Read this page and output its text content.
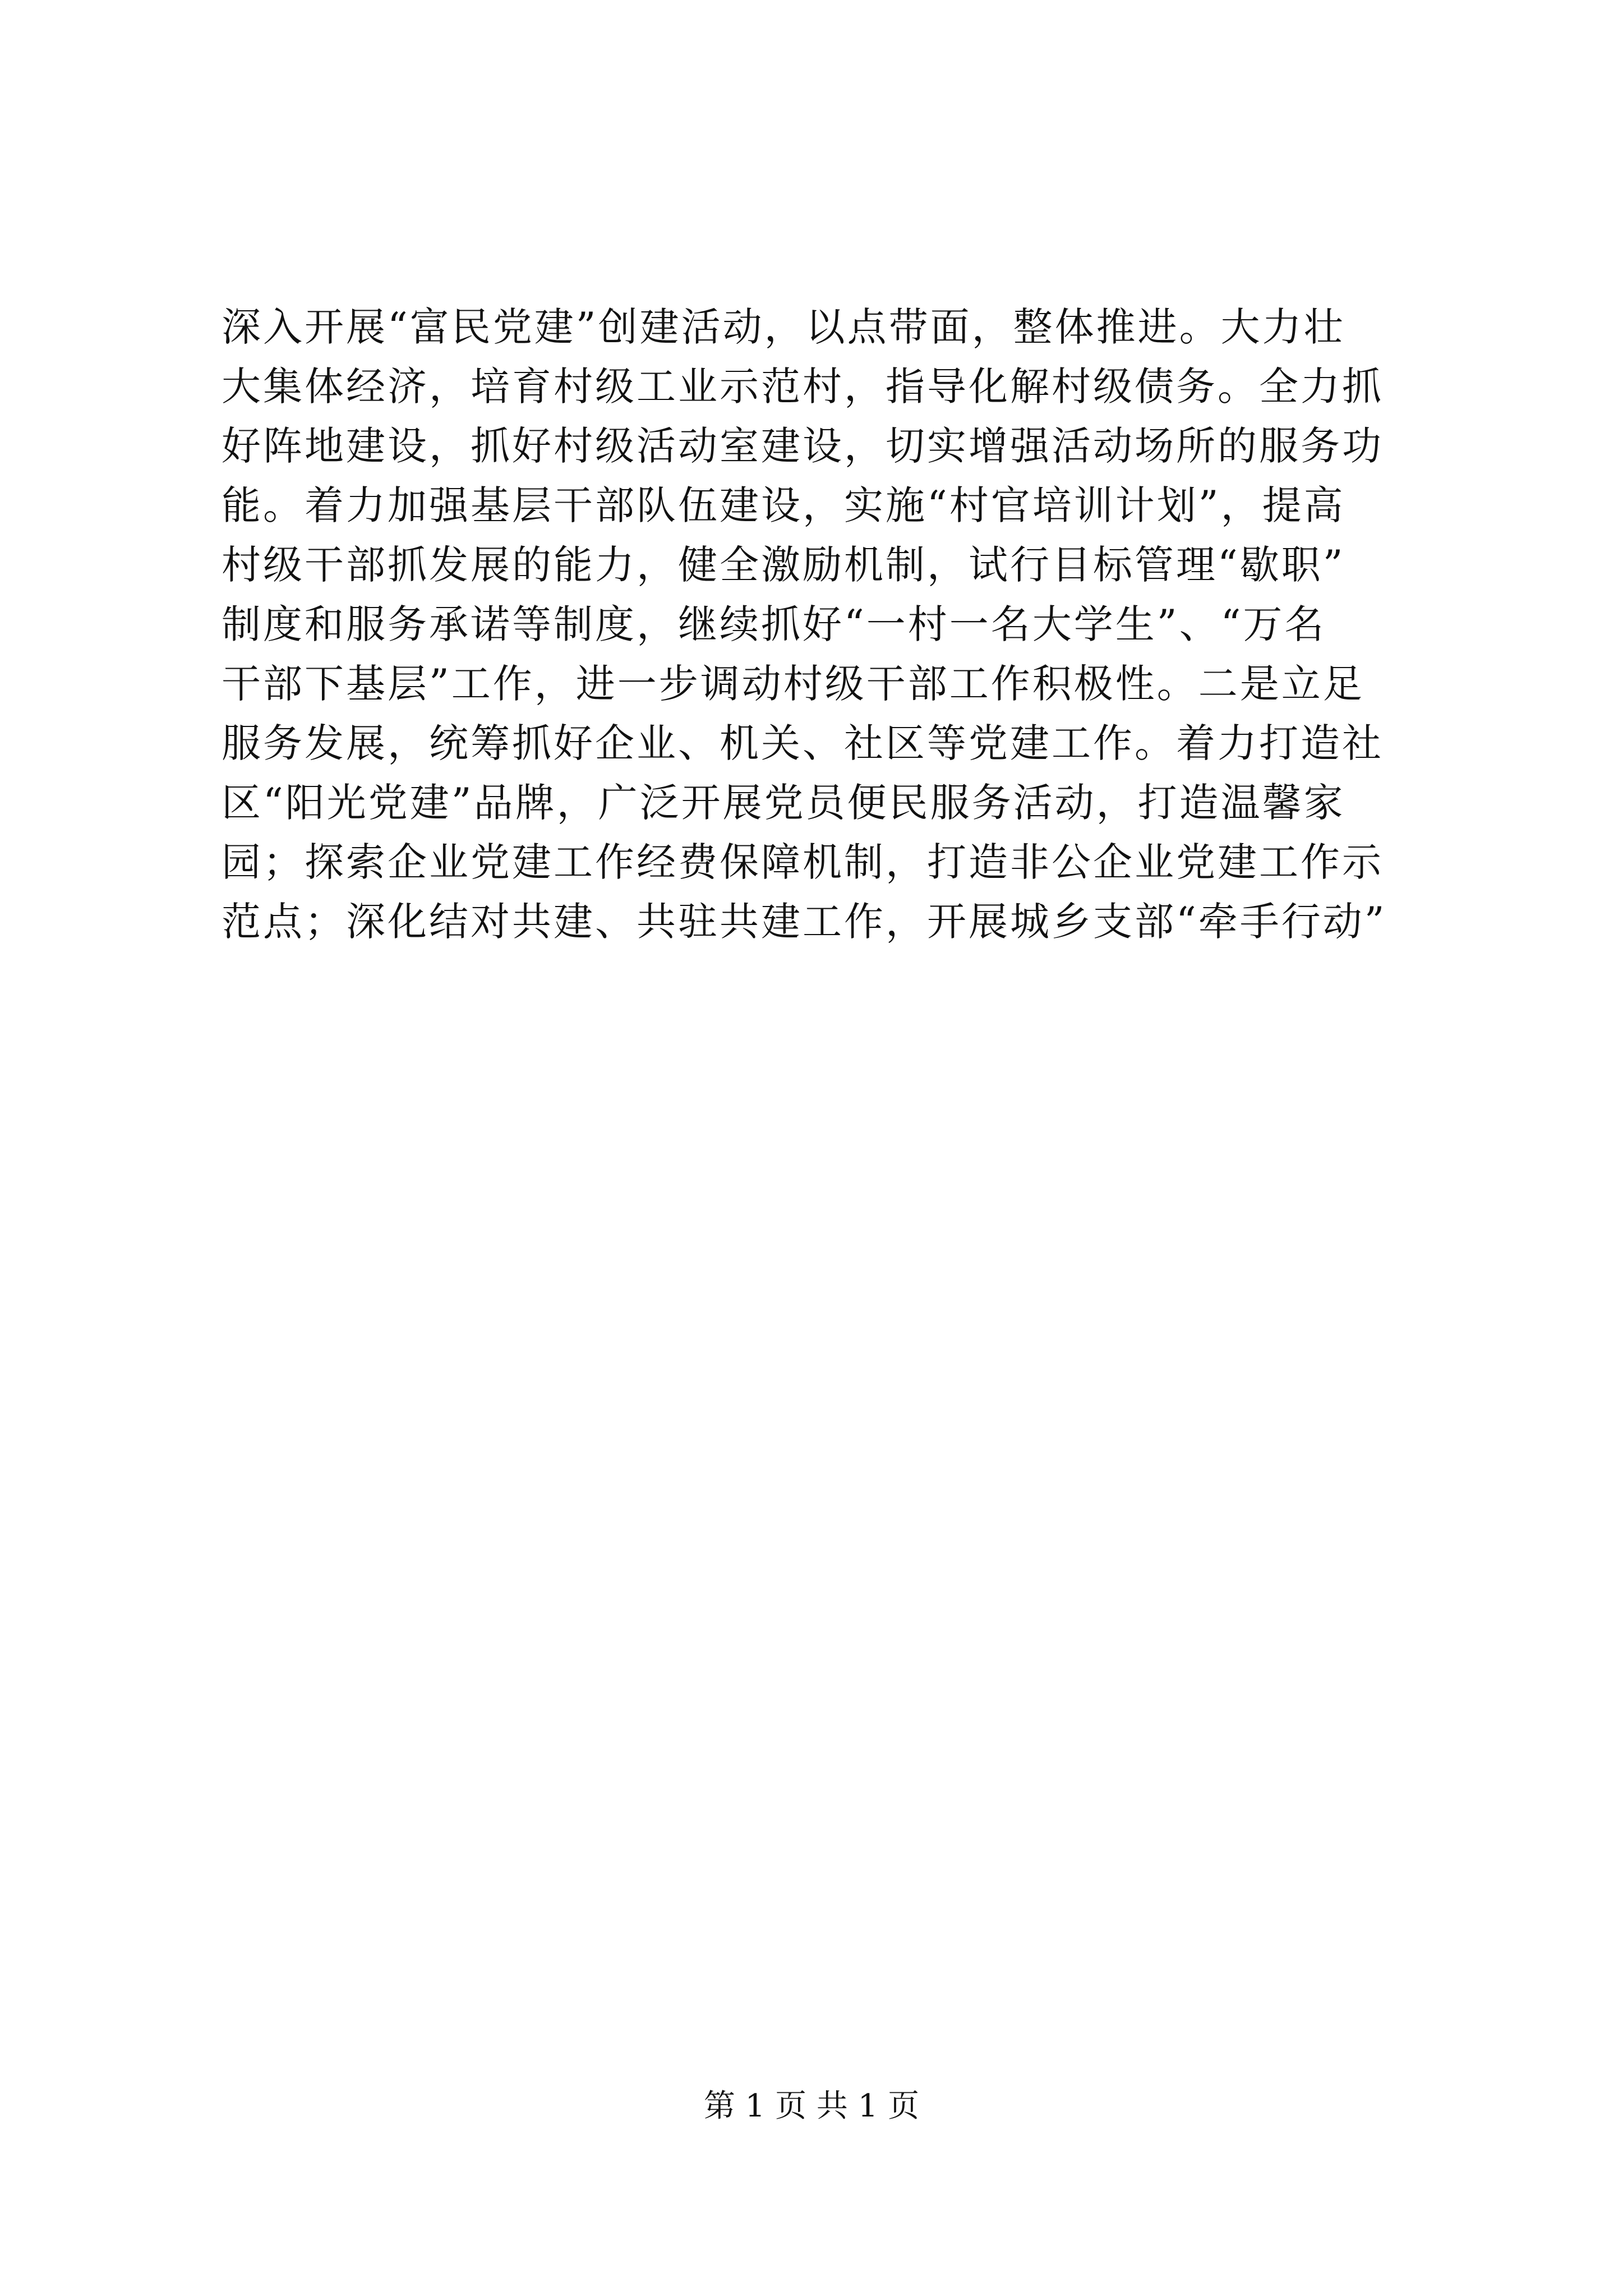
深入开展“富民党建”创建活动，以点带面，整体推进。大力壮
大集体经济，培育村级工业示范村，指导化解村级债务。全力抓
好阵地建设，抓好村级活动室建设，切实增强活动场所的服务功
能。着力加强基层干部队伍建设，实施“村官培训计划”，提高
村级干部抓发展的能力，健全激励机制，试行目标管理“歇职”
制度和服务承诺等制度，继续抓好“一村一名大学生”、“万名
干部下基层”工作，进一步调动村级干部工作积极性。二是立足
服务发展，统筹抓好企业、机关、社区等党建工作。着力打造社
区“阳光党建”品牌，广泛开展党员便民服务活动，打造温馨家
园；探索企业党建工作经费保障机制，打造非公企业党建工作示
范点；深化结对共建、共驻共建工作，开展城乡支部“牵手行动”
第 1 页 共 1 页
